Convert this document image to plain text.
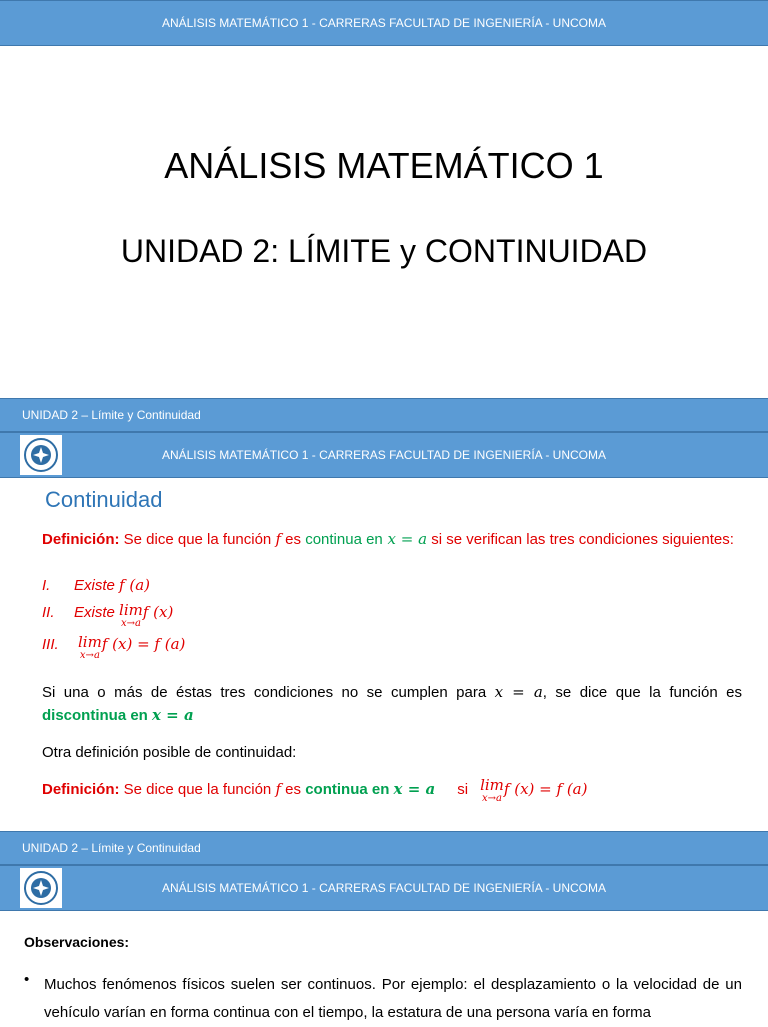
ANÁLISIS MATEMÁTICO 1 - CARRERAS FACULTAD DE INGENIERÍA - UNCOMA
ANÁLISIS MATEMÁTICO 1
UNIDAD 2: LÍMITE y CONTINUIDAD
UNIDAD 2 – Límite y Continuidad
ANÁLISIS MATEMÁTICO 1 - CARRERAS FACULTAD DE INGENIERÍA - UNCOMA
Continuidad
Definición: Se dice que la función f es continua en x = a si se verifican las tres condiciones siguientes:
I. Existe f (a)
II. Existe lim
x→a
f (x)
III. lim
x→a
f (x) = f (a)
Si una o más de éstas tres condiciones no se cumplen para x = a, se dice que la función es discontinua en x = a
Otra definición posible de continuidad:
Definición: Se dice que la función f es continua en x = a si lim
x→a
f (x) = f (a)
UNIDAD 2 – Límite y Continuidad
ANÁLISIS MATEMÁTICO 1 - CARRERAS FACULTAD DE INGENIERÍA - UNCOMA
Observaciones:
• Muchos fenómenos físicos suelen ser continuos. Por ejemplo: el desplazamiento o la velocidad de un vehículo varían en forma continua con el tiempo, la estatura de una persona varía en forma
